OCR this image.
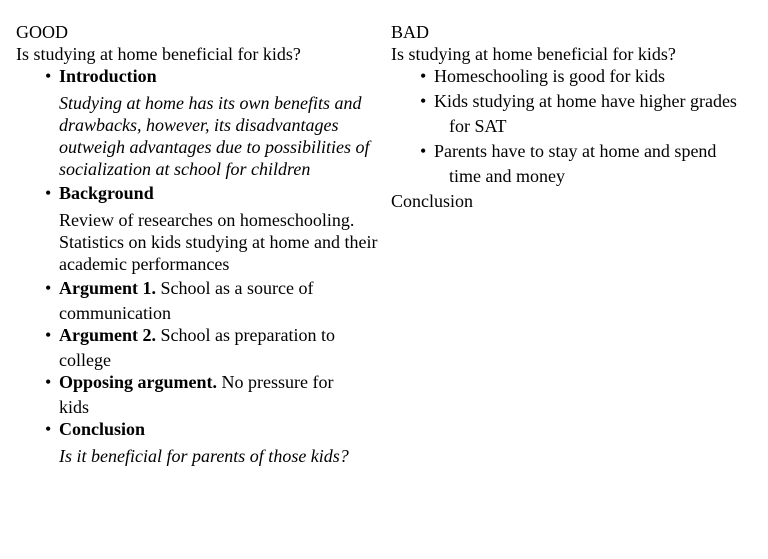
GOOD
Is studying at home beneficial for kids?
• Introduction
Studying at home has its own benefits and drawbacks, however, its disadvantages outweigh advantages due to possibilities of socialization at school for children
• Background
Review of researches on homeschooling. Statistics on kids studying at home and their academic performances
• Argument 1. School as a source of
communication
• Argument 2. School as preparation to
college
• Opposing argument. No pressure for
kids
• Conclusion
Is it beneficial for parents of those kids?
BAD
Is studying at home beneficial for kids?
• Homeschooling is good for kids
• Kids studying at home have higher grades
for SAT
• Parents have to stay at home and spend
time and money
Conclusion
